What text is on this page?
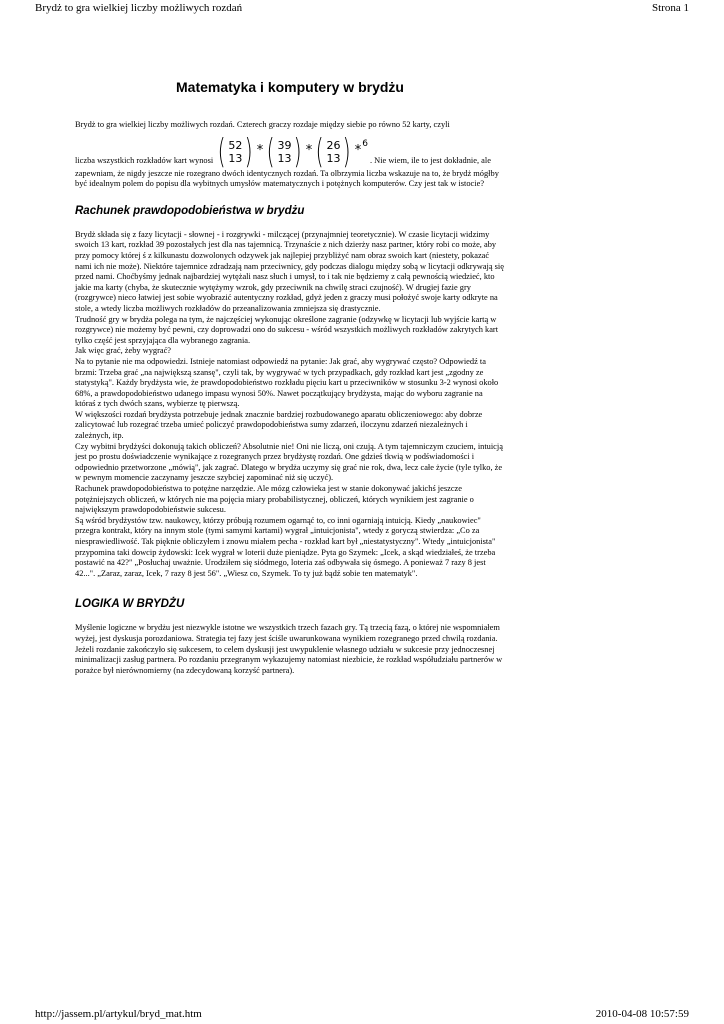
Brydż to gra wielkiej liczby możliwych rozdań	Strona 1
Matematyka i komputery w brydżu

Brydż to gra wielkiej liczby możliwych rozdań. Czterech graczy rozdaje między siebie po równo 52 karty, czyli

liczba wszystkich rozkładów kart wynosi ( 52
13 ) * ( 39
13 ) * ( 26
13 ) * 6
. Nie wiem, ile to jest dokładnie, ale

zapewniam, że nigdy jeszcze nie rozegrano dwóch identycznych rozdań. Ta olbrzymia liczba wskazuje na to, że brydż mógłby być idealnym polem do popisu dla wybitnych umysłów matematycznych i potężnych komputerów. Czy jest tak w istocie?

Rachunek prawdopodobieństwa w brydżu

Brydż składa się z fazy licytacji - słownej - i rozgrywki - milczącej (przynajmniej teoretycznie). W czasie licytacji widzimy swoich 13 kart, rozkład 39 pozostałych jest dla nas tajemnicą. Trzynaście z nich dzierży nasz partner, który robi co może, aby przy pomocy której ś z kilkunastu dozwolonych odzywek jak najlepiej przybliżyć nam obraz swoich kart (niestety, pokazać nami ich nie może). Niektóre tajemnice zdradzają nam przeciwnicy, gdy podczas dialogu między sobą w licytacji odkrywają się przed nami. Choćbyśmy jednak najbardziej wytężali nasz słuch i umysł, to i tak nie będziemy z całą pewnością wiedzieć, kto jakie ma karty (chyba, że skutecznie wytężymy wzrok, gdy przeciwnik na chwilę straci czujność). W drugiej fazie gry (rozgrywce) nieco łatwiej jest sobie wyobrazić autentyczny rozkład, gdyż jeden z graczy musi położyć swoje karty odkryte na stole, a wtedy liczba możliwych rozkładów do przeanalizowania zmniejsza się drastycznie.

Trudność gry w brydża polega na tym, że najczęściej wykonując określone zagranie (odzywkę w licytacji lub wyjście kartą w rozgrywce) nie możemy być pewni, czy doprowadzi ono do sukcesu - wśród wszystkich możliwych rozkładów zakrytych kart tylko część jest sprzyjająca dla wybranego zagrania.

Jak więc grać, żeby wygrać?

Na to pytanie nie ma odpowiedzi. Istnieje natomiast odpowiedź na pytanie: Jak grać, aby wygrywać często? Odpowiedź ta brzmi: Trzeba grać „na największą szansę", czyli tak, by wygrywać w tych przypadkach, gdy rozkład kart jest „zgodny ze statystyką". Każdy brydżysta wie, że prawdopodobieństwo rozkładu pięciu kart u przeciwników w stosunku 3-2 wynosi około 68%, a prawdopodobieństwo udanego impasu wynosi 50%. Nawet początkujący brydżysta, mając do wyboru zagranie na któraś z tych dwóch szans, wybierze tę pierwszą.

W większości rozdań brydżysta potrzebuje jednak znacznie bardziej rozbudowanego aparatu obliczeniowego: aby dobrze zalicytować lub rozegrać trzeba umieć policzyć prawdopodobieństwa sumy zdarzeń, iloczynu zdarzeń niezależnych i zależnych, itp.

Czy wybitni brydżyści dokonują takich obliczeń? Absolutnie nie! Oni nie liczą, oni czują. A tym tajemniczym czuciem, intuicją jest po prostu doświadczenie wynikające z rozegranych przez brydżystę rozdań. One gdzieś tkwią w podświadomości i odpowiednio przetworzone „mówią", jak zagrać. Dlatego w brydża uczymy się grać nie rok, dwa, lecz całe życie (tyle tylko, że w pewnym momencie zaczynamy jeszcze szybciej zapominać niż się uczyć).

Rachunek prawdopodobieństwa to potężne narzędzie. Ale mózg człowieka jest w stanie dokonywać jakichś jeszcze potężniejszych obliczeń, w których nie ma pojęcia miary probabilistycznej, obliczeń, których wynikiem jest zagranie o największym prawdopodobieństwie sukcesu.

Są wśród brydżystów tzw. naukowcy, którzy próbują rozumem ogarnąć to, co inni ogarniają intuicją. Kiedy „naukowiec" przegra kontrakt, który na innym stole (tymi samymi kartami) wygrał „intuicjonista", wtedy z goryczą stwierdza: „Co za niesprawiedliwość. Tak pięknie obliczyłem i znowu miałem pecha - rozkład kart był „niestatystyczny". Wtedy „intuicjonista" przypomina taki dowcip żydowski: Icek wygrał w loterii duże pieniądze. Pyta go Szymek: „Icek, a skąd wiedziałeś, że trzeba postawić na 42?" „Posłuchaj uważnie. Urodziłem się siódmego, loteria zaś odbywała się ósmego. A ponieważ 7 razy 8 jest 42...". „Zaraz, zaraz, Icek, 7 razy 8 jest 56". „Wiesz co, Szymek. To ty już bądź sobie ten matematyk".

LOGIKA W BRYDŻU

Myślenie logiczne w brydżu jest niezwykle istotne we wszystkich trzech fazach gry. Tą trzecią fazą, o której nie wspomniałem wyżej, jest dyskusja porozdaniowa. Strategia tej fazy jest ściśle uwarunkowana wynikiem rozegranego przed chwilą rozdania. Jeżeli rozdanie zakończyło się sukcesem, to celem dyskusji jest uwypuklenie własnego udziału w sukcesie przy jednoczesnej minimalizacji zasług partnera. Po rozdaniu przegranym wykazujemy natomiast niezbicie, że rozkład współudziału partnerów w porażce był nierównomierny (na zdecydowaną korzyść partnera).

http://jassem.pl/artykul/bryd_mat.htm	2010-04-08 10:57:59
